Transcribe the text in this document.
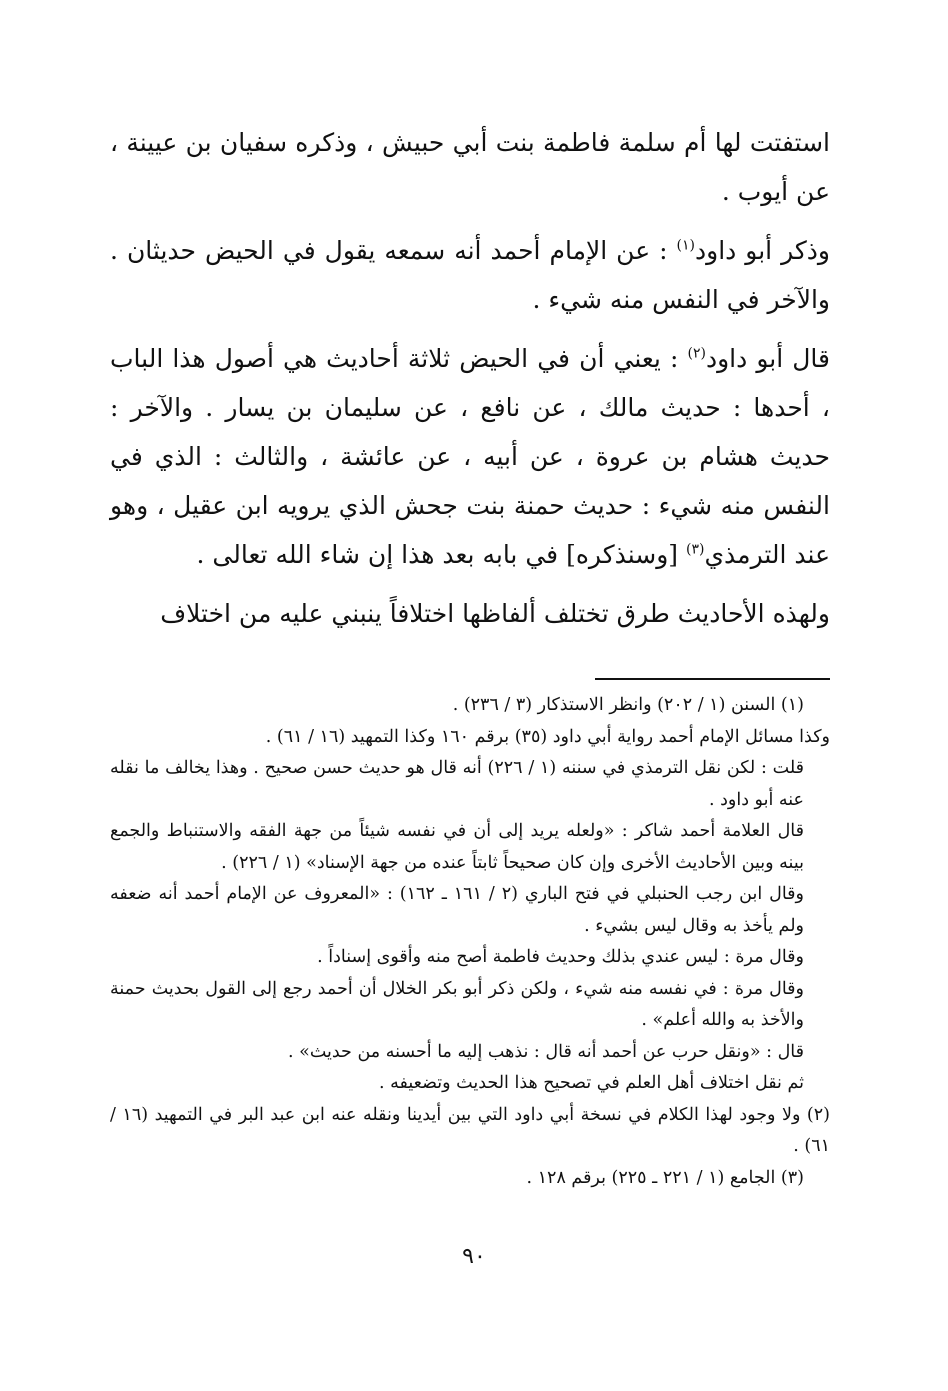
استفتت لها أم سلمة فاطمة بنت أبي حبيش ، وذكره سفيان بن عيينة ، عن أيوب .

وذكر أبو داود$^{(١)}$ : عن الإمام أحمد أنه سمعه يقول في الحيض حديثان . والآخر في النفس منه شيء .

قال أبو داود$^{(٢)}$ : يعني أن في الحيض ثلاثة أحاديث هي أصول هذا الباب ، أحدها : حديث مالك ، عن نافع ، عن سليمان بن يسار . والآخر : حديث هشام بن عروة ، عن أبيه ، عن عائشة ، والثالث : الذي في النفس منه شيء : حديث حمنة بنت جحش الذي يرويه ابن عقيل ، وهو عند الترمذي$^{(٣)}$ [وسنذكره] في بابه بعد هذا إن شاء الله تعالى .

ولهذه الأحاديث طرق تختلف ألفاظها اختلافاً ينبني عليه من اختلاف

(١) السنن (١ / ٢٠٢) وانظر الاستذكار (٣ / ٢٣٦) .

وكذا مسائل الإمام أحمد رواية أبي داود (٣٥) برقم ١٦٠ وكذا التمهيد (١٦ / ٦١) .

قلت : لكن نقل الترمذي في سننه (١ / ٢٢٦) أنه قال هو حديث حسن صحيح . وهذا يخالف ما نقله عنه أبو داود .

قال العلامة أحمد شاكر : «ولعله يريد إلى أن في نفسه شيئاً من جهة الفقه والاستنباط والجمع بينه وبين الأحاديث الأخرى وإن كان صحيحاً ثابتاً عنده من جهة الإسناد» (١ / ٢٢٦) .

وقال ابن رجب الحنبلي في فتح الباري (٢ / ١٦١ ـ ١٦٢) : «المعروف عن الإمام أحمد أنه ضعفه ولم يأخذ به وقال ليس بشيء .

وقال مرة : ليس عندي بذلك وحديث فاطمة أصح منه وأقوى إسناداً .

وقال مرة : في نفسه منه شيء ، ولكن ذكر أبو بكر الخلال أن أحمد رجع إلى القول بحديث حمنة والأخذ به والله أعلم» .

قال : «ونقل حرب عن أحمد أنه قال : نذهب إليه ما أحسنه من حديث» .

ثم نقل اختلاف أهل العلم في تصحيح هذا الحديث وتضعيفه .

(٢) ولا وجود لهذا الكلام في نسخة أبي داود التي بين أيدينا ونقله عنه ابن عبد البر في التمهيد (١٦ / ٦١) .

(٣) الجامع (١ / ٢٢١ ـ ٢٢٥) برقم ١٢٨ .

٩٠
